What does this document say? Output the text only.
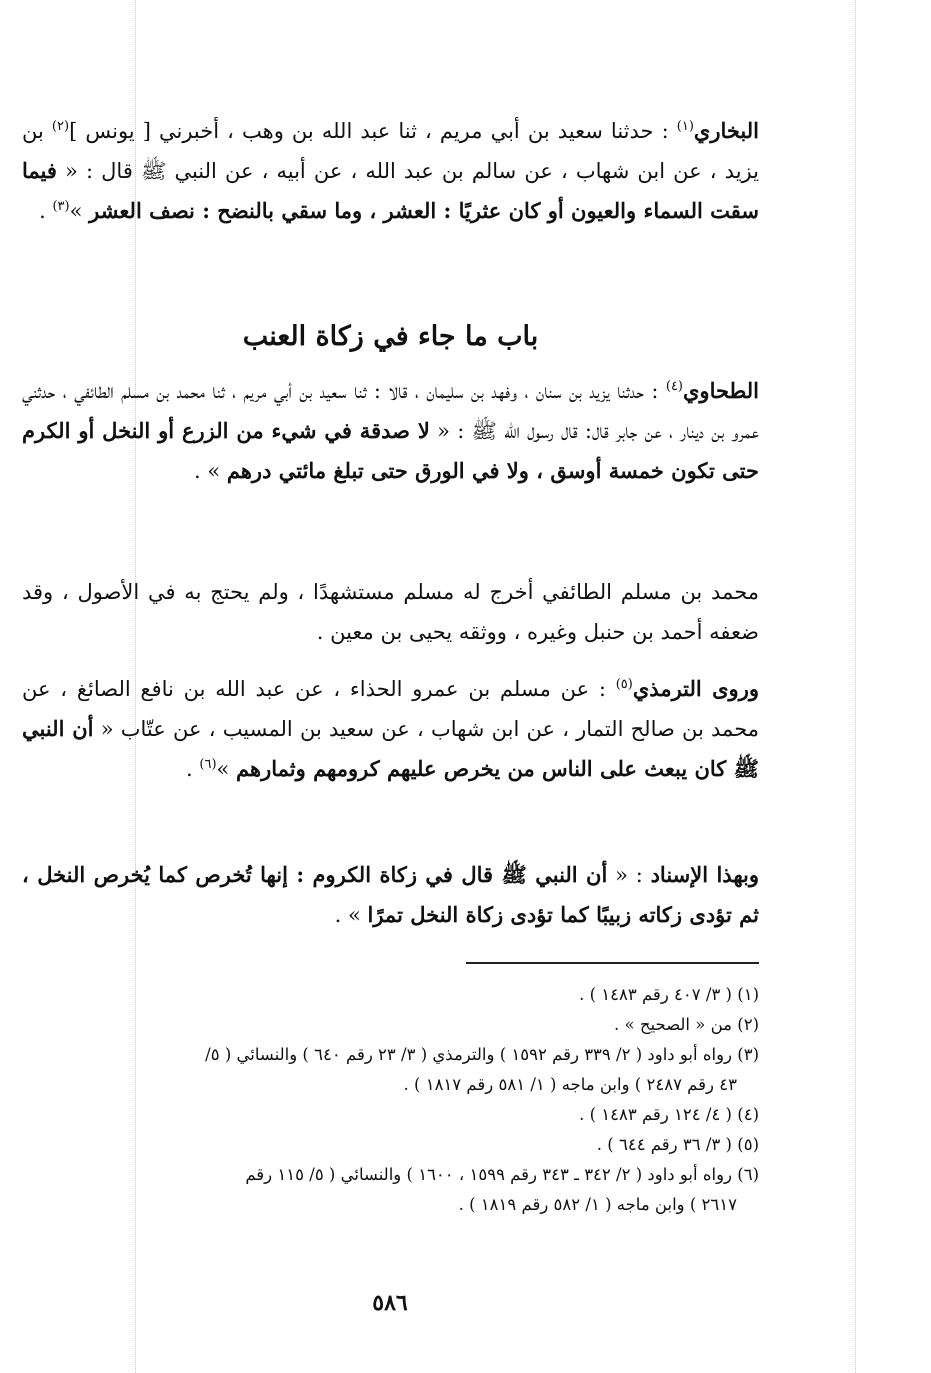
البخاري$^{(١)}$ : حدثنا سعيد بن أبي مريم ، ثنا عبد الله بن وهب ، أخبرني [ يونس ]$^{(٢)}$ بن يزيد ، عن ابن شهاب ، عن سالم بن عبد الله ، عن أبيه ، عن النبي ﷺ قال : « فيما سقت السماء والعيون أو كان عثريًا : العشر ، وما سقي بالنضح : نصف العشر »$^{(٣)}$ .

باب ما جاء في زكاة العنب

الطحاوي$^{(٤)}$ : حدثنا يزيد بن سنان ، وفهد بن سليمان ، قالا : ثنا سعيد بن أبي مريم ، ثنا محمد بن مسلم الطائفي ، حدثني عمرو بن دينار ، عن جابر قال: قال رسول الله ﷺ : « لا صدقة في شيء من الزرع أو النخل أو الكرم حتى تكون خمسة أوسق ، ولا في الورق حتى تبلغ مائتي درهم » .

محمد بن مسلم الطائفي أخرج له مسلم مستشهدًا ، ولم يحتج به في الأصول ، وقد ضعفه أحمد بن حنبل وغيره ، ووثقه يحيى بن معين .

وروى الترمذي$^{(٥)}$ : عن مسلم بن عمرو الحذاء ، عن عبد الله بن نافع الصائغ ، عن محمد بن صالح التمار ، عن ابن شهاب ، عن سعيد بن المسيب ، عن عتّاب « أن النبي ﷺ كان يبعث على الناس من يخرص عليهم كرومهم وثمارهم »$^{(٦)}$ .

وبهذا الإسناد : « أن النبي ﷺ قال في زكاة الكروم : إنها تُخرص كما يُخرص النخل ، ثم تؤدى زكاته زبيبًا كما تؤدى زكاة النخل تمرًا » .

(١) ( ٣/ ٤٠٧ رقم ١٤٨٣ ) .
(٢) من « الصحيح » .
(٣) رواه أبو داود ( ٢/ ٣٣٩ رقم ١٥٩٢ ) والترمذي ( ٣/ ٢٣ رقم ٦٤٠ ) والنسائي ( ٥/
٤٣ رقم ٢٤٨٧ ) وابن ماجه ( ١/ ٥٨١ رقم ١٨١٧ ) .
(٤) ( ٤/ ١٢٤ رقم ١٤٨٣ ) .
(٥) ( ٣/ ٣٦ رقم ٦٤٤ ) .
(٦) رواه أبو داود ( ٢/ ٣٤٢ ـ ٣٤٣ رقم ١٥٩٩ ، ١٦٠٠ ) والنسائي ( ٥/ ١١٥ رقم
٢٦١٧ ) وابن ماجه ( ١/ ٥٨٢ رقم ١٨١٩ ) .
٥٨٦
